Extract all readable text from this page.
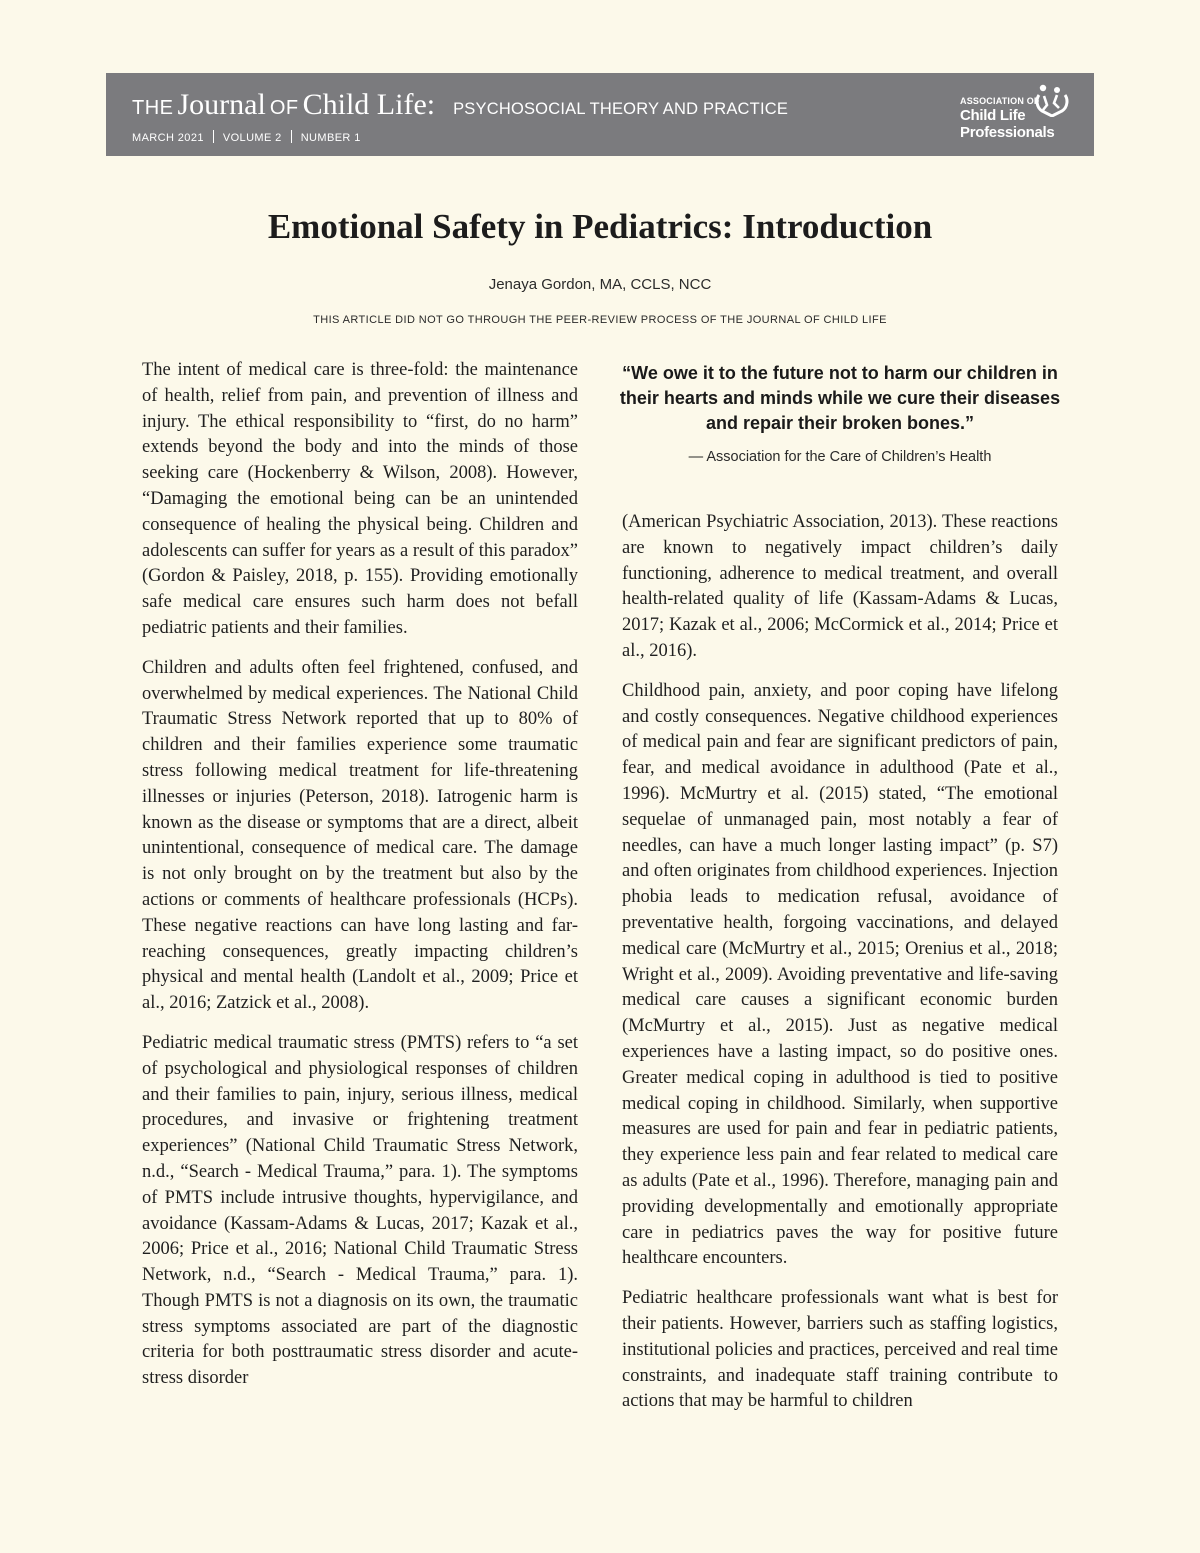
THE Journal OF Child Life: PSYCHOSOCIAL THEORY AND PRACTICE
MARCH 2021 VOLUME 2 NUMBER 1
ASSOCIATION OF
Child Life
Professionals
Emotional Safety in Pediatrics: Introduction
Jenaya Gordon, MA, CCLS, NCC
THIS ARTICLE DID NOT GO THROUGH THE PEER-REVIEW PROCESS OF THE JOURNAL OF CHILD LIFE

The intent of medical care is three-fold: the maintenance of health, relief from pain, and prevention of illness and injury. The ethical responsibility to “first, do no harm” extends beyond the body and into the minds of those seeking care (Hockenberry & Wilson, 2008). However, “Damaging the emotional being can be an unintended consequence of healing the physical being. Children and adolescents can suffer for years as a result of this paradox” (Gordon & Paisley, 2018, p. 155). Providing emotionally safe medical care ensures such harm does not befall pediatric patients and their families.

Children and adults often feel frightened, confused, and overwhelmed by medical experiences. The National Child Traumatic Stress Network reported that up to 80% of children and their families experience some traumatic stress following medical treatment for life-threatening illnesses or injuries (Peterson, 2018). Iatrogenic harm is known as the disease or symptoms that are a direct, albeit unintentional, consequence of medical care. The damage is not only brought on by the treatment but also by the actions or comments of healthcare professionals (HCPs). These negative reactions can have long lasting and far-reaching consequences, greatly impacting children’s physical and mental health (Landolt et al., 2009; Price et al., 2016; Zatzick et al., 2008).

Pediatric medical traumatic stress (PMTS) refers to “a set of psychological and physiological responses of children and their families to pain, injury, serious illness, medical procedures, and invasive or frightening treatment experiences” (National Child Traumatic Stress Network, n.d., “Search - Medical Trauma,” para. 1). The symptoms of PMTS include intrusive thoughts, hypervigilance, and avoidance (Kassam-Adams & Lucas, 2017; Kazak et al., 2006; Price et al., 2016; National Child Traumatic Stress Network, n.d., “Search - Medical Trauma,” para. 1). Though PMTS is not a diagnosis on its own, the traumatic stress symptoms associated are part of the diagnostic criteria for both posttraumatic stress disorder and acute-stress disorder

“We owe it to the future not to harm our children in their hearts and minds while we cure their diseases and repair their broken bones.”
— Association for the Care of Children’s Health

(American Psychiatric Association, 2013). These reactions are known to negatively impact children’s daily functioning, adherence to medical treatment, and overall health-related quality of life (Kassam-Adams & Lucas, 2017; Kazak et al., 2006; McCormick et al., 2014; Price et al., 2016).

Childhood pain, anxiety, and poor coping have lifelong and costly consequences. Negative childhood experiences of medical pain and fear are significant predictors of pain, fear, and medical avoidance in adulthood (Pate et al., 1996). McMurtry et al. (2015) stated, “The emotional sequelae of unmanaged pain, most notably a fear of needles, can have a much longer lasting impact” (p. S7) and often originates from childhood experiences. Injection phobia leads to medication refusal, avoidance of preventative health, forgoing vaccinations, and delayed medical care (McMurtry et al., 2015; Orenius et al., 2018; Wright et al., 2009). Avoiding preventative and life-saving medical care causes a significant economic burden (McMurtry et al., 2015). Just as negative medical experiences have a lasting impact, so do positive ones. Greater medical coping in adulthood is tied to positive medical coping in childhood. Similarly, when supportive measures are used for pain and fear in pediatric patients, they experience less pain and fear related to medical care as adults (Pate et al., 1996). Therefore, managing pain and providing developmentally and emotionally appropriate care in pediatrics paves the way for positive future healthcare encounters.

Pediatric healthcare professionals want what is best for their patients. However, barriers such as staffing logistics, institutional policies and practices, perceived and real time constraints, and inadequate staff training contribute to actions that may be harmful to children
